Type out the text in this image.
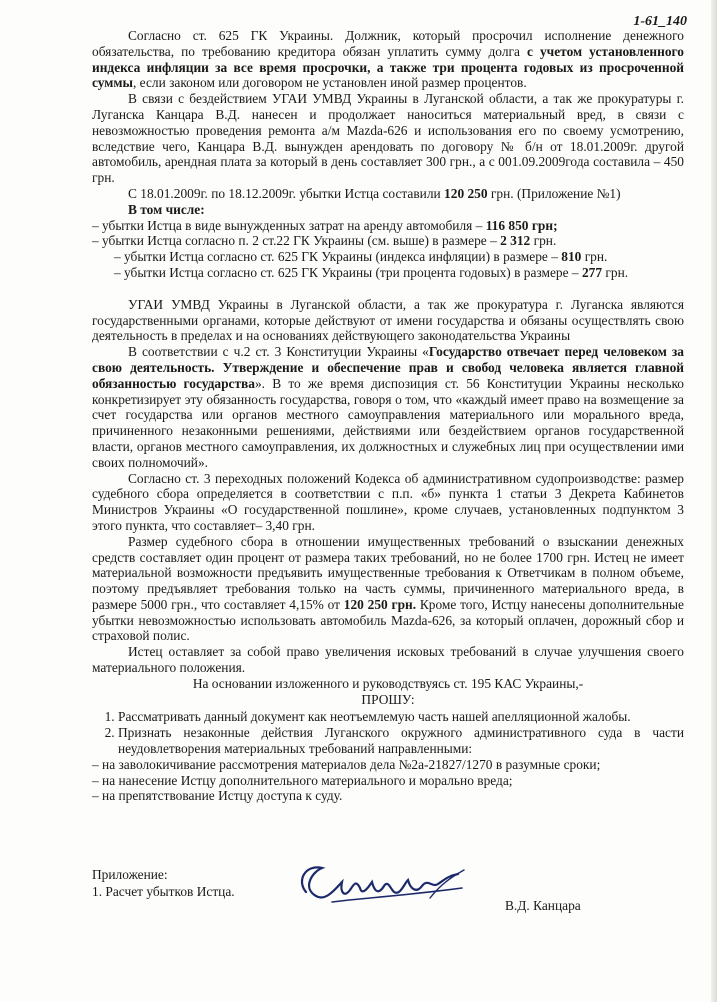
1-61_140

Согласно ст. 625 ГК Украины. Должник, который просрочил исполнение денежного обязательства, по требованию кредитора обязан уплатить сумму долга с учетом установленного индекса инфляции за все время просрочки, а также три процента годовых из просроченной суммы, если законом или договором не установлен иной размер процентов.

В связи с бездействием УГАИ УМВД Украины в Луганской области, а так же прокуратуры г. Луганска Канцара В.Д. нанесен и продолжает наноситься материальный вред, в связи с невозможностью проведения ремонта а/м Mazda-626 и использования его по своему усмотрению, вследствие чего, Канцара В.Д. вынужден арендовать по договору № б/н от 18.01.2009г. другой автомобиль, арендная плата за который в день составляет 300 грн., а с 001.09.2009года составила – 450 грн.

С 18.01.2009г. по 18.12.2009г. убытки Истца составили 120 250 грн. (Приложение №1)

В том числе:

– убытки Истца в виде вынужденных затрат на аренду автомобиля – 116 850 грн;

– убытки Истца согласно п. 2 ст.22 ГК Украины (см. выше) в размере – 2 312 грн.

– убытки Истца согласно ст. 625 ГК Украины (индекса инфляции) в размере – 810 грн.

– убытки Истца согласно ст. 625 ГК Украины (три процента годовых) в размере – 277 грн.

УГАИ УМВД Украины в Луганской области, а так же прокуратура г. Луганска являются государственными органами, которые действуют от имени государства и обязаны осуществлять свою деятельность в пределах и на основаниях действующего законодательства Украины

В соответствии с ч.2 ст. 3 Конституции Украины «Государство отвечает перед человеком за свою деятельность. Утверждение и обеспечение прав и свобод человека является главной обязанностью государства». В то же время диспозиция ст. 56 Конституции Украины несколько конкретизирует эту обязанность государства, говоря о том, что «каждый имеет право на возмещение за счет государства или органов местного самоуправления материального или морального вреда, причиненного незаконными решениями, действиями или бездействием органов государственной власти, органов местного самоуправления, их должностных и служебных лиц при осуществлении ими своих полномочий».

Согласно ст. 3 переходных положений Кодекса об административном судопроизводстве: размер судебного сбора определяется в соответствии с п.п. «б» пункта 1 статьи 3 Декрета Кабинетов Министров Украины «О государственной пошлине», кроме случаев, установленных подпунктом 3 этого пункта, что составляет– 3,40 грн.

Размер судебного сбора в отношении имущественных требований о взыскании денежных средств составляет один процент от размера таких требований, но не более 1700 грн. Истец не имеет материальной возможности предъявить имущественные требования к Ответчикам в полном объеме, поэтому предъявляет требования только на часть суммы, причиненного материального вреда, в размере 5000 грн., что составляет 4,15% от 120 250 грн. Кроме того, Истцу нанесены дополнительные убытки невозможностью использовать автомобиль Mazda-626, за который оплачен, дорожный сбор и страховой полис.

Истец оставляет за собой право увеличения исковых требований в случае улучшения своего материального положения.

На основании изложенного и руководствуясь ст. 195 КАС Украины,-

ПРОШУ:

1. Рассматривать данный документ как неотъемлемую часть нашей апелляционной жалобы.
2. Признать незаконные действия Луганского окружного административного суда в части неудовлетворения материальных требований направленными:

– на заволокичивание рассмотрения материалов дела №2а-21827/1270 в разумные сроки;

– на нанесение Истцу дополнительного материального и морально вреда;

– на препятствование Истцу доступа к суду.

Приложение:
1. Расчет убытков Истца.
В.Д. Канцара
